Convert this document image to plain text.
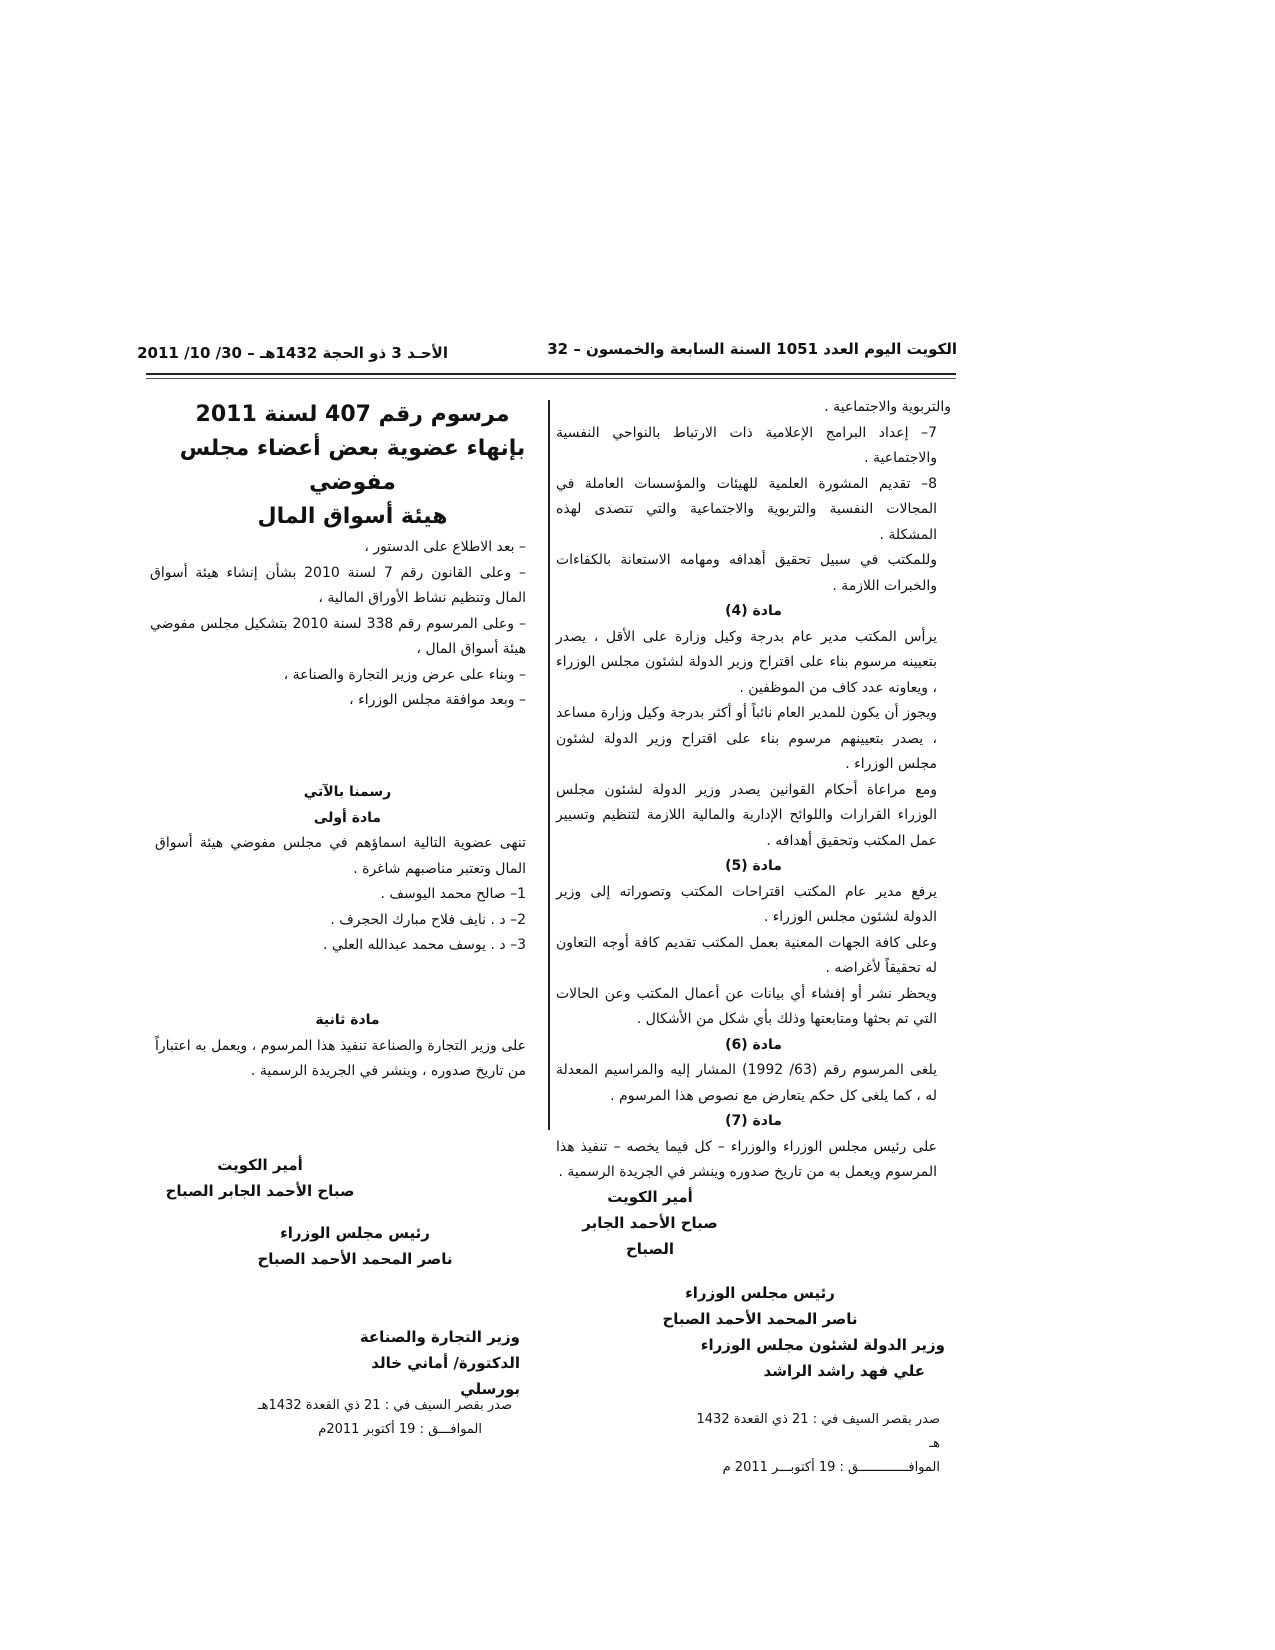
الكويت اليوم العدد 1051 السنة السابعة والخمسون – 32
الأحـد 3 ذو الحجة 1432هـ – 30/ 10/ 2011

والتربوية والاجتماعية .

7– إعداد البرامج الإعلامية ذات الارتباط بالنواحي النفسية والاجتماعية .

8– تقديم المشورة العلمية للهيئات والمؤسسات العاملة في المجالات النفسية والتربوية والاجتماعية والتي تتصدى لهذه المشكلة .

وللمكتب في سبيل تحقيق أهدافه ومهامه الاستعانة بالكفاءات والخبرات اللازمة .

مادة (4)

يرأس المكتب مدير عام بدرجة وكيل وزارة على الأقل ، يصدر بتعيينه مرسوم بناء على اقتراح وزير الدولة لشئون مجلس الوزراء ، ويعاونه عدد كاف من الموظفين .

ويجوز أن يكون للمدير العام نائباً أو أكثر بدرجة وكيل وزارة مساعد ، يصدر بتعيينهم مرسوم بناء على اقتراح وزير الدولة لشئون مجلس الوزراء .

ومع مراعاة أحكام القوانين يصدر وزير الدولة لشئون مجلس الوزراء القرارات واللوائح الإدارية والمالية اللازمة لتنظيم وتسيير عمل المكتب وتحقيق أهدافه .

مادة (5)

يرفع مدير عام المكتب اقتراحات المكتب وتصوراته إلى وزير الدولة لشئون مجلس الوزراء .

وعلى كافة الجهات المعنية بعمل المكتب تقديم كافة أوجه التعاون له تحقيقاً لأغراضه .

ويحظر نشر أو إفشاء أي بيانات عن أعمال المكتب وعن الحالات التي تم بحثها ومتابعتها وذلك بأي شكل من الأشكال .

مادة (6)

يلغى المرسوم رقم (63/ 1992) المشار إليه والمراسيم المعدلة له ، كما يلغى كل حكم يتعارض مع نصوص هذا المرسوم .

مادة (7)

على رئيس مجلس الوزراء والوزراء – كل فيما يخصه – تنفيذ هذا المرسوم ويعمل به من تاريخ صدوره وينشر في الجريدة الرسمية .

أمير الكويت
صباح الأحمد الجابر الصباح
رئيس مجلس الوزراء
ناصر المحمد الأحمد الصباح
وزير الدولة لشئون مجلس الوزراء
علي فهد راشد الراشد
صدر بقصر السيف في : 21 ذي القعدة 1432 هـ
الموافـــــــــــــق : 19 أكتوبـــر 2011 م
مرسوم رقم 407 لسنة 2011
بإنهاء عضوية بعض أعضاء مجلس مفوضي
هيئة أسواق المال

– بعد الاطلاع على الدستور ،

– وعلى القانون رقم 7 لسنة 2010 بشأن إنشاء هيئة أسواق المال وتنظيم نشاط الأوراق المالية ،

– وعلى المرسوم رقم 338 لسنة 2010 بتشكيل مجلس مفوضي هيئة أسواق المال ،

– وبناء على عرض وزير التجارة والصناعة ،

– وبعد موافقة مجلس الوزراء ،

رسمنا بالآتي

مادة أولى

تنهى عضوية التالية اسماؤهم في مجلس مفوضي هيئة أسواق المال وتعتبر مناصبهم شاغرة .

1– صالح محمد اليوسف .

2– د . نايف فلاح مبارك الحجرف .

3– د . يوسف محمد عبدالله العلي .

مادة ثانية

على وزير التجارة والصناعة تنفيذ هذا المرسوم ، ويعمل به اعتباراً من تاريخ صدوره ، وينشر في الجريدة الرسمية .

أمير الكويت
صباح الأحمد الجابر الصباح
رئيس مجلس الوزراء
ناصر المحمد الأحمد الصباح
وزير التجارة والصناعة
الدكتورة/ أماني خالد بورسلي
صدر بقصر السيف في : 21 ذي القعدة 1432هـ
الموافـــق : 19 أكتوبر 2011م
